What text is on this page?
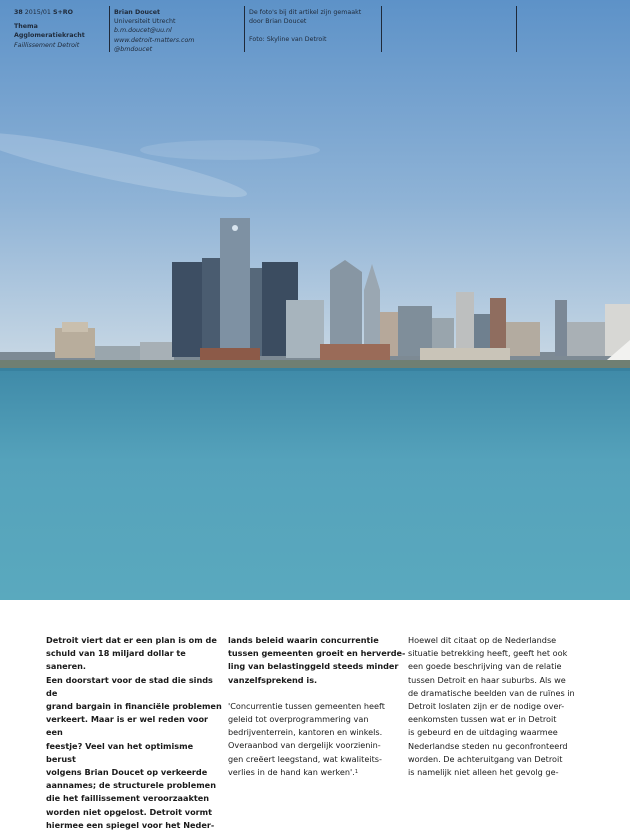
38 2015/01 S+RO
Thema
Agglomeratiekracht
Faillissement Detroit
Brian Doucet
Universiteit Utrecht
b.m.doucet@uu.nl
www.detroit-matters.com
@bmdoucet
De foto's bij dit artikel zijn gemaakt
door Brian Doucet
Foto: Skyline van Detroit

Detroit viert dat er een plan is om de

schuld van 18 miljard dollar te saneren.

Een doorstart voor de stad die sinds de

grand bargain in financiële problemen

verkeert. Maar is er wel reden voor een

feestje? Veel van het optimisme berust

volgens Brian Doucet op verkeerde

aannames; de structurele problemen

die het faillissement veroorzaakten

worden niet opgelost. Detroit vormt

hiermee een spiegel voor het Neder-

lands beleid waarin concurrentie

tussen gemeenten groeit en herverde-

ling van belastinggeld steeds minder

vanzelfsprekend is.

'Concurrentie tussen gemeenten heeft

geleid tot overprogrammering van

bedrijventerrein, kantoren en winkels.

Overaanbod van dergelijk voorzienin-

gen creëert leegstand, wat kwaliteits-

verlies in de hand kan werken'.$^1$

Hoewel dit citaat op de Nederlandse

situatie betrekking heeft, geeft het ook

een goede beschrijving van de relatie

tussen Detroit en haar suburbs. Als we

de dramatische beelden van de ruïnes in

Detroit loslaten zijn er de nodige over-

eenkomsten tussen wat er in Detroit

is gebeurd en de uitdaging waarmee

Nederlandse steden nu geconfronteerd

worden. De achteruitgang van Detroit

is namelijk niet alleen het gevolg ge-
